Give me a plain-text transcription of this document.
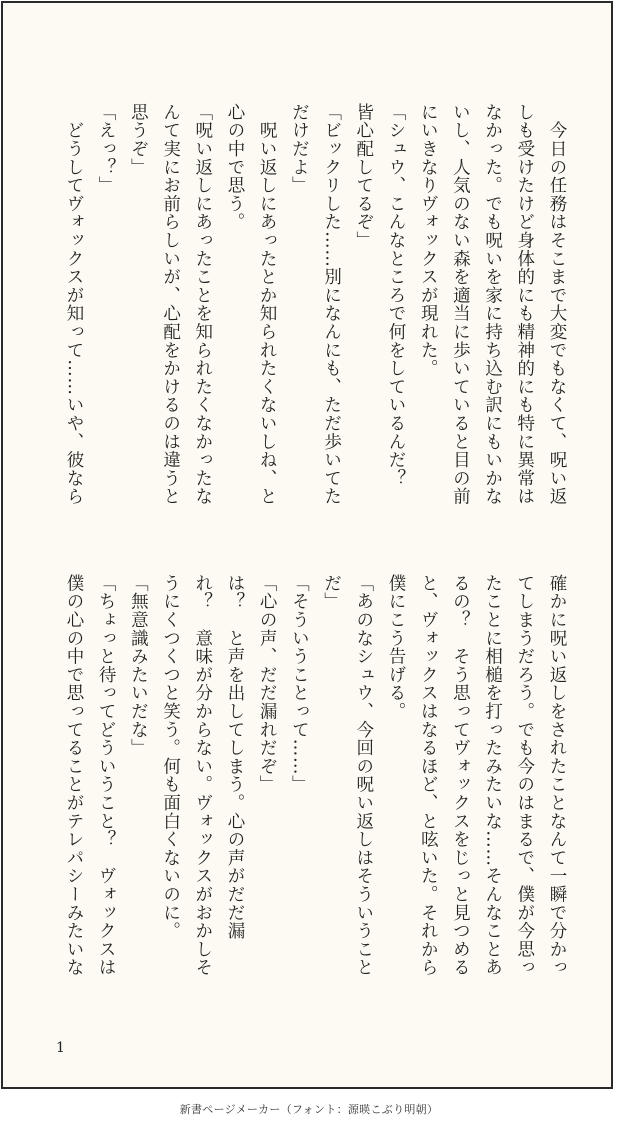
　今日の任務はそこまで大変でもなくて、呪い返

しも受けたけど身体的にも精神的にも特に異常は

なかった。でも呪いを家に持ち込む訳にもいかな

いし、人気のない森を適当に歩いていると目の前

にいきなりヴォックスが現れた。

「シュウ、こんなところで何をしているんだ？

皆心配してるぞ」

「ビックリした……別になんにも、ただ歩いてた

だけだよ」

　呪い返しにあったとか知られたくないしね、と

心の中で思う。

「呪い返しにあったことを知られたくなかったな

んて実にお前らしいが、心配をかけるのは違うと

思うぞ」

「えっ？」

　どうしてヴォックスが知って……いや、彼なら

確かに呪い返しをされたことなんて一瞬で分かっ

てしまうだろう。でも今のはまるで、僕が今思っ

たことに相槌を打ったみたいな……そんなことあ

るの？　そう思ってヴォックスをじっと見つめる

と、ヴォックスはなるほど、と呟いた。それから

僕にこう告げる。

「あのなシュウ、今回の呪い返しはそういうこと

だ」

「そういうことって……」

「心の声、だだ漏れだぞ」

は？　と声を出してしまう。心の声がだだ漏

れ？　意味が分からない。ヴォックスがおかしそ

うにくつくつと笑う。何も面白くないのに。

「無意識みたいだな」

「ちょっと待ってどういうこと？　ヴォックスは

僕の心の中で思ってることがテレパシーみたいな

1
新書ページメーカー（フォント：源暎こぶり明朝）
